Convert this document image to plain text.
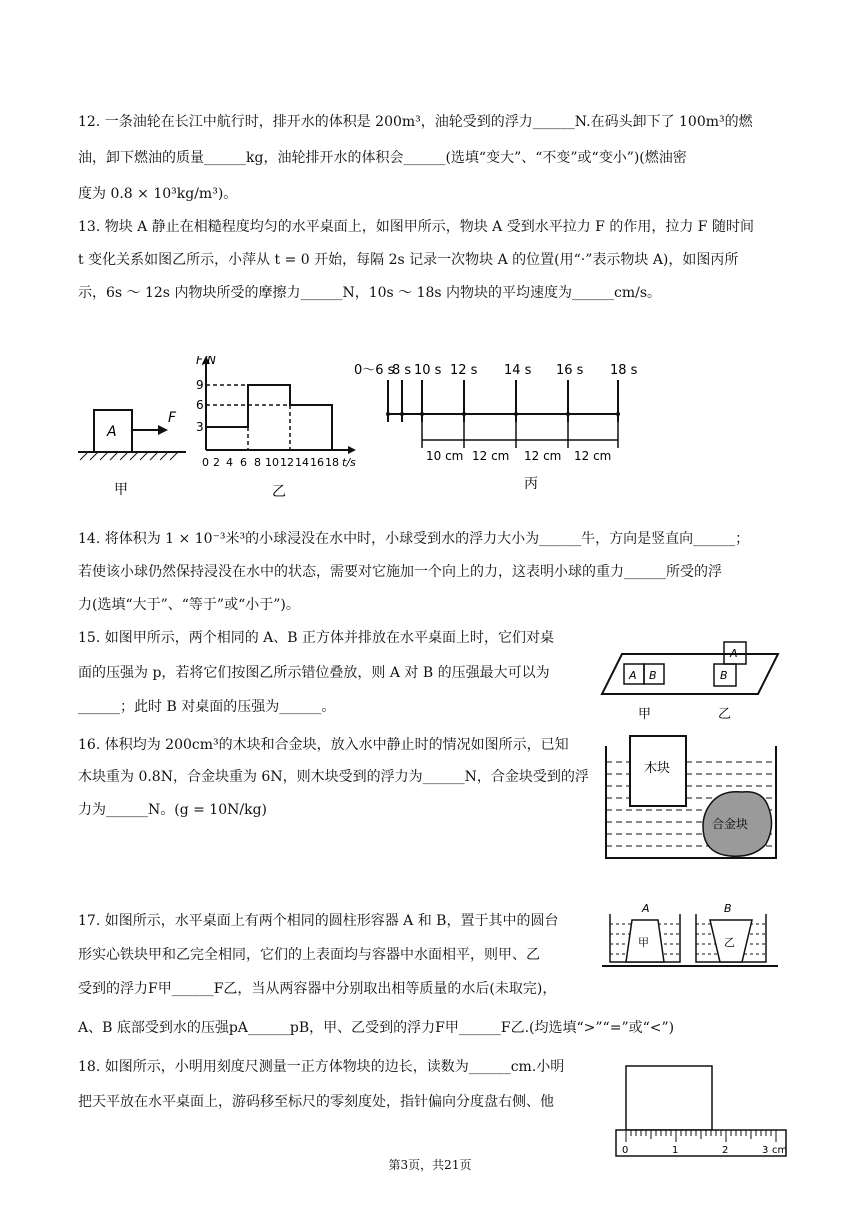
12. 一条油轮在长江中航行时，排开水的体积是 200m³，油轮受到的浮力______N.在码头卸下了 100m³的燃
油，卸下燃油的质量______kg，油轮排开水的体积会______(选填“变大”、“不变”或“变小”)(燃油密
度为 0.8 × 10³kg/m³)。
13. 物块 A 静止在相糙程度均匀的水平桌面上，如图甲所示，物块 A 受到水平拉力 F 的作用，拉力 F 随时间
t 变化关系如图乙所示，小萍从 t = 0 开始，每隔 2s 记录一次物块 A 的位置(用“·”表示物块 A)，如图丙所
示，6s ～ 12s 内物块所受的摩擦力______N，10s ～ 18s 内物块的平均速度为______cm/s。
A
F
甲
F/N
9
6
3
0 2 4 6 8 10 12 14 16 18 t/s
乙
0～6 s
8 s 10 s 12 s 14 s 16 s 18 s
10 cm 12 cm 12 cm 12 cm
丙
14. 将体积为 1 × 10⁻³米³的小球浸没在水中时，小球受到水的浮力大小为______牛，方向是竖直向______；
若使该小球仍然保持浸没在水中的状态，需要对它施加一个向上的力，这表明小球的重力______所受的浮
力(选填“大于”、“等于”或“小于”)。
15. 如图甲所示，两个相同的 A、B 正方体并排放在水平桌面上时，它们对桌
面的压强为 p，若将它们按图乙所示错位叠放，则 A 对 B 的压强最大可以为
______；此时 B 对桌面的压强为______。
A B
A
B
甲	乙
16. 体积均为 200cm³的木块和合金块，放入水中静止时的情况如图所示，已知
木块重为 0.8N，合金块重为 6N，则木块受到的浮力为______N，合金块受到的浮
力为______N。(g = 10N/kg)
木块
合金块
17. 如图所示，水平桌面上有两个相同的圆柱形容器 A 和 B，置于其中的圆台
形实心铁块甲和乙完全相同，它们的上表面均与容器中水面相平，则甲、乙
受到的浮力F甲______F乙，当从两容器中分别取出相等质量的水后(未取完)，
A、B 底部受到水的压强pA______pB，甲、乙受到的浮力F甲______F乙.(均选填“>”“=”或“<”)
A	B
甲	乙
18. 如图所示，小明用刻度尺测量一正方体物块的边长，读数为______cm.小明
把天平放在水平桌面上，游码移至标尺的零刻度处，指针偏向分度盘右侧、他
0	1	2	3 cm
第3页，共21页
